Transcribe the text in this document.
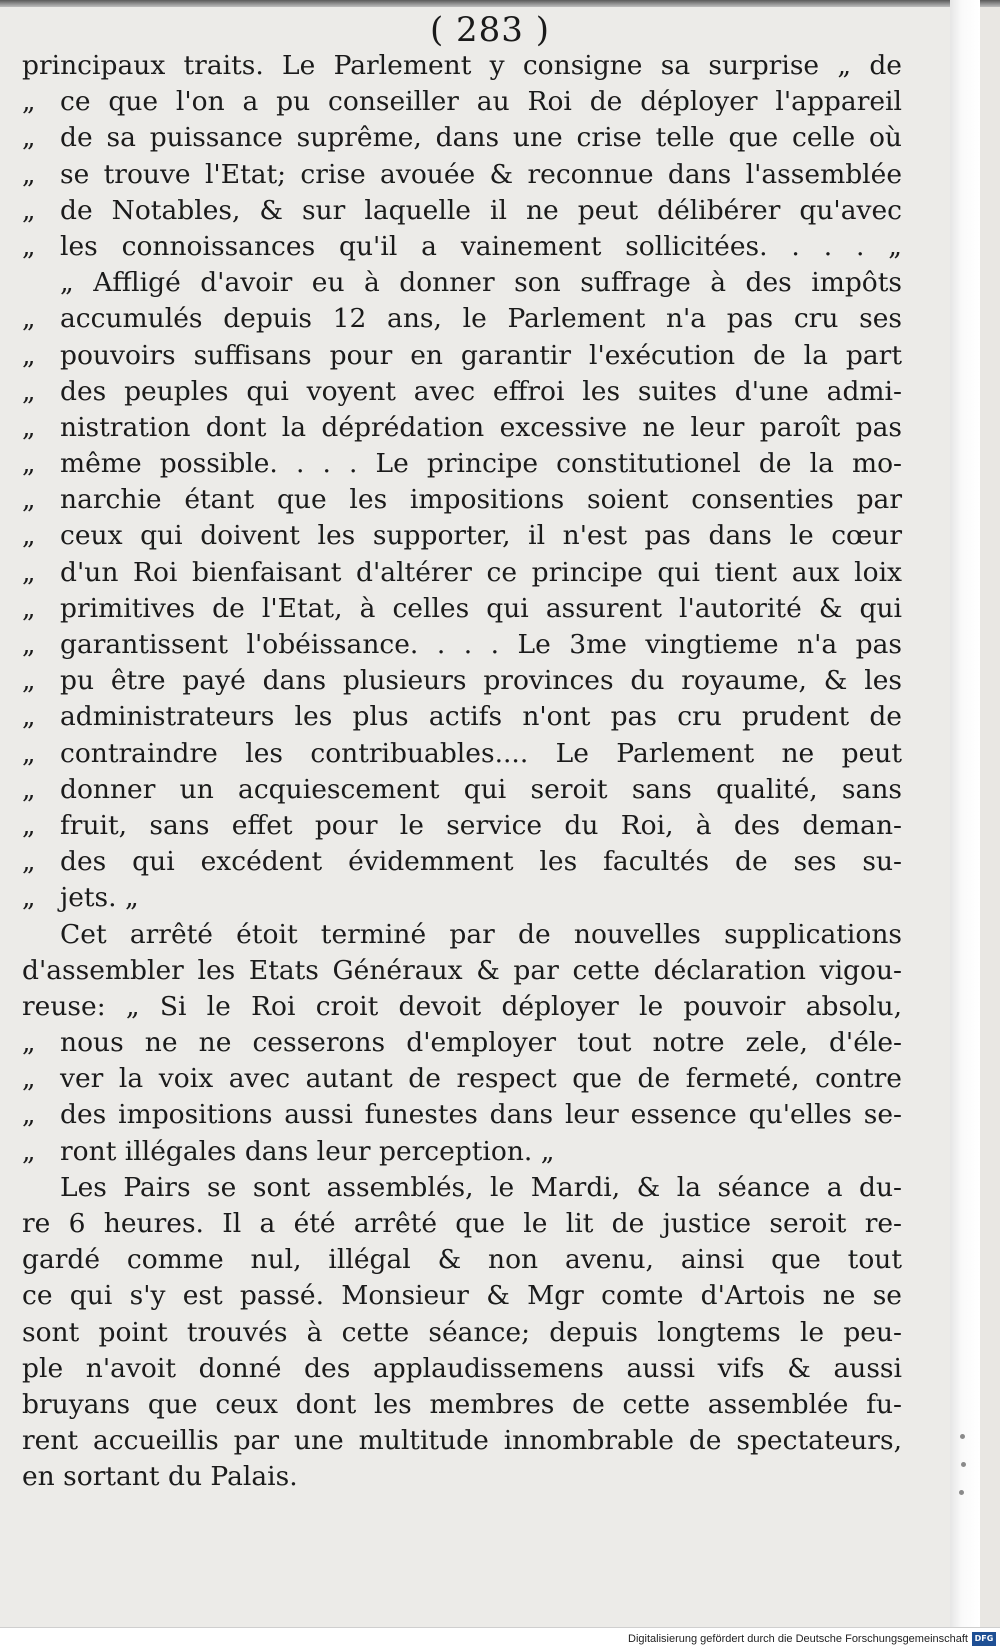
( 283 )
principaux traits. Le Parlement y consigne sa surprise „ de
„ ce que l'on a pu conseiller au Roi de déployer l'appareil
„ de sa puissance suprême, dans une crise telle que celle où
„ se trouve l'Etat; crise avouée & reconnue dans l'assemblée
„ de Notables, & sur laquelle il ne peut délibérer qu'avec
„ les connoissances qu'il a vainement sollicitées. . . . „
„ Affligé d'avoir eu à donner son suffrage à des impôts
„ accumulés depuis 12 ans, le Parlement n'a pas cru ses
„ pouvoirs suffisans pour en garantir l'exécution de la part
„ des peuples qui voyent avec effroi les suites d'une admi-
„ nistration dont la déprédation excessive ne leur paroît pas
„ même possible. . . . Le principe constitutionel de la mo-
„ narchie étant que les impositions soient consenties par
„ ceux qui doivent les supporter, il n'est pas dans le cœur
„ d'un Roi bienfaisant d'altérer ce principe qui tient aux loix
„ primitives de l'Etat, à celles qui assurent l'autorité & qui
„ garantissent l'obéissance. . . . Le 3me vingtieme n'a pas
„ pu être payé dans plusieurs provinces du royaume, & les
„ administrateurs les plus actifs n'ont pas cru prudent de
„ contraindre les contribuables.... Le Parlement ne peut
„ donner un acquiescement qui seroit sans qualité, sans
„ fruit, sans effet pour le service du Roi, à des deman-
„ des qui excédent évidemment les facultés de ses su-
„ jets. „
Cet arrêté étoit terminé par de nouvelles supplications
d'assembler les Etats Généraux & par cette déclaration vigou-
reuse: „ Si le Roi croit devoit déployer le pouvoir absolu,
„ nous ne ne cesserons d'employer tout notre zele, d'éle-
„ ver la voix avec autant de respect que de fermeté, contre
„ des impositions aussi funestes dans leur essence qu'elles se-
„ ront illégales dans leur perception. „
Les Pairs se sont assemblés, le Mardi, & la séance a du-
re 6 heures. Il a été arrêté que le lit de justice seroit re-
gardé comme nul, illégal & non avenu, ainsi que tout
ce qui s'y est passé. Monsieur & Mgr comte d'Artois ne se
sont point trouvés à cette séance; depuis longtems le peu-
ple n'avoit donné des applaudissemens aussi vifs & aussi
bruyans que ceux dont les membres de cette assemblée fu-
rent accueillis par une multitude innombrable de spectateurs,
en sortant du Palais.
Digitalisierung gefördert durch die Deutsche Forschungsgemeinschaft DFG
